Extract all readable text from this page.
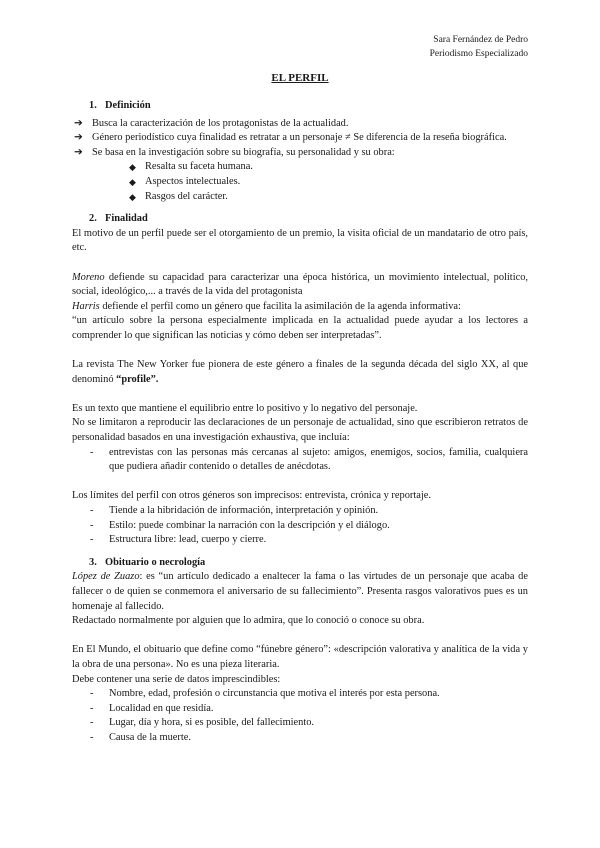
Sara Fernández de Pedro
Periodismo Especializado
EL PERFIL
1. Definición
➔ Busca la caracterización de los protagonistas de la actualidad.
➔ Género periodístico cuya finalidad es retratar a un personaje ≠ Se diferencia de la reseña biográfica.
➔ Se basa en la investigación sobre su biografía, su personalidad y su obra:
◆ Resalta su faceta humana.
◆ Aspectos intelectuales.
◆ Rasgos del carácter.
2. Finalidad

El motivo de un perfil puede ser el otorgamiento de un premio, la visita oficial de un mandatario de otro país, etc.

Moreno defiende su capacidad para caracterizar una época histórica, un movimiento intelectual, político, social, ideológico,... a través de la vida del protagonista

Harris defiende el perfil como un género que facilita la asimilación de la agenda informativa:

“un artículo sobre la persona especialmente implicada en la actualidad puede ayudar a los lectores a comprender lo que significan las noticias y cómo deben ser interpretadas”.

La revista The New Yorker fue pionera de este género a finales de la segunda década del siglo XX, al que denominó “profile”.

Es un texto que mantiene el equilibrio entre lo positivo y lo negativo del personaje.

No se limitaron a reproducir las declaraciones de un personaje de actualidad, sino que escribieron retratos de personalidad basados en una investigación exhaustiva, que incluía:

- entrevistas con las personas más cercanas al sujeto: amigos, enemigos, socios, familia, cualquiera que pudiera añadir contenido o detalles de anécdotas.

Los límites del perfil con otros géneros son imprecisos: entrevista, crónica y reportaje.

- Tiende a la hibridación de información, interpretación y opinión.
- Estilo: puede combinar la narración con la descripción y el diálogo.
- Estructura libre: lead, cuerpo y cierre.
3. Obituario o necrología

López de Zuazo: es “un artículo dedicado a enaltecer la fama o las virtudes de un personaje que acaba de fallecer o de quien se conmemora el aniversario de su fallecimiento”. Presenta rasgos valorativos pues es un homenaje al fallecido.

Redactado normalmente por alguien que lo admira, que lo conoció o conoce su obra.

En El Mundo, el obituario que define como “fúnebre género”: «descripción valorativa y analítica de la vida y la obra de una persona». No es una pieza literaria.

Debe contener una serie de datos imprescindibles:

- Nombre, edad, profesión o circunstancia que motiva el interés por esta persona.
- Localidad en que residía.
- Lugar, día y hora, si es posible, del fallecimiento.
- Causa de la muerte.
